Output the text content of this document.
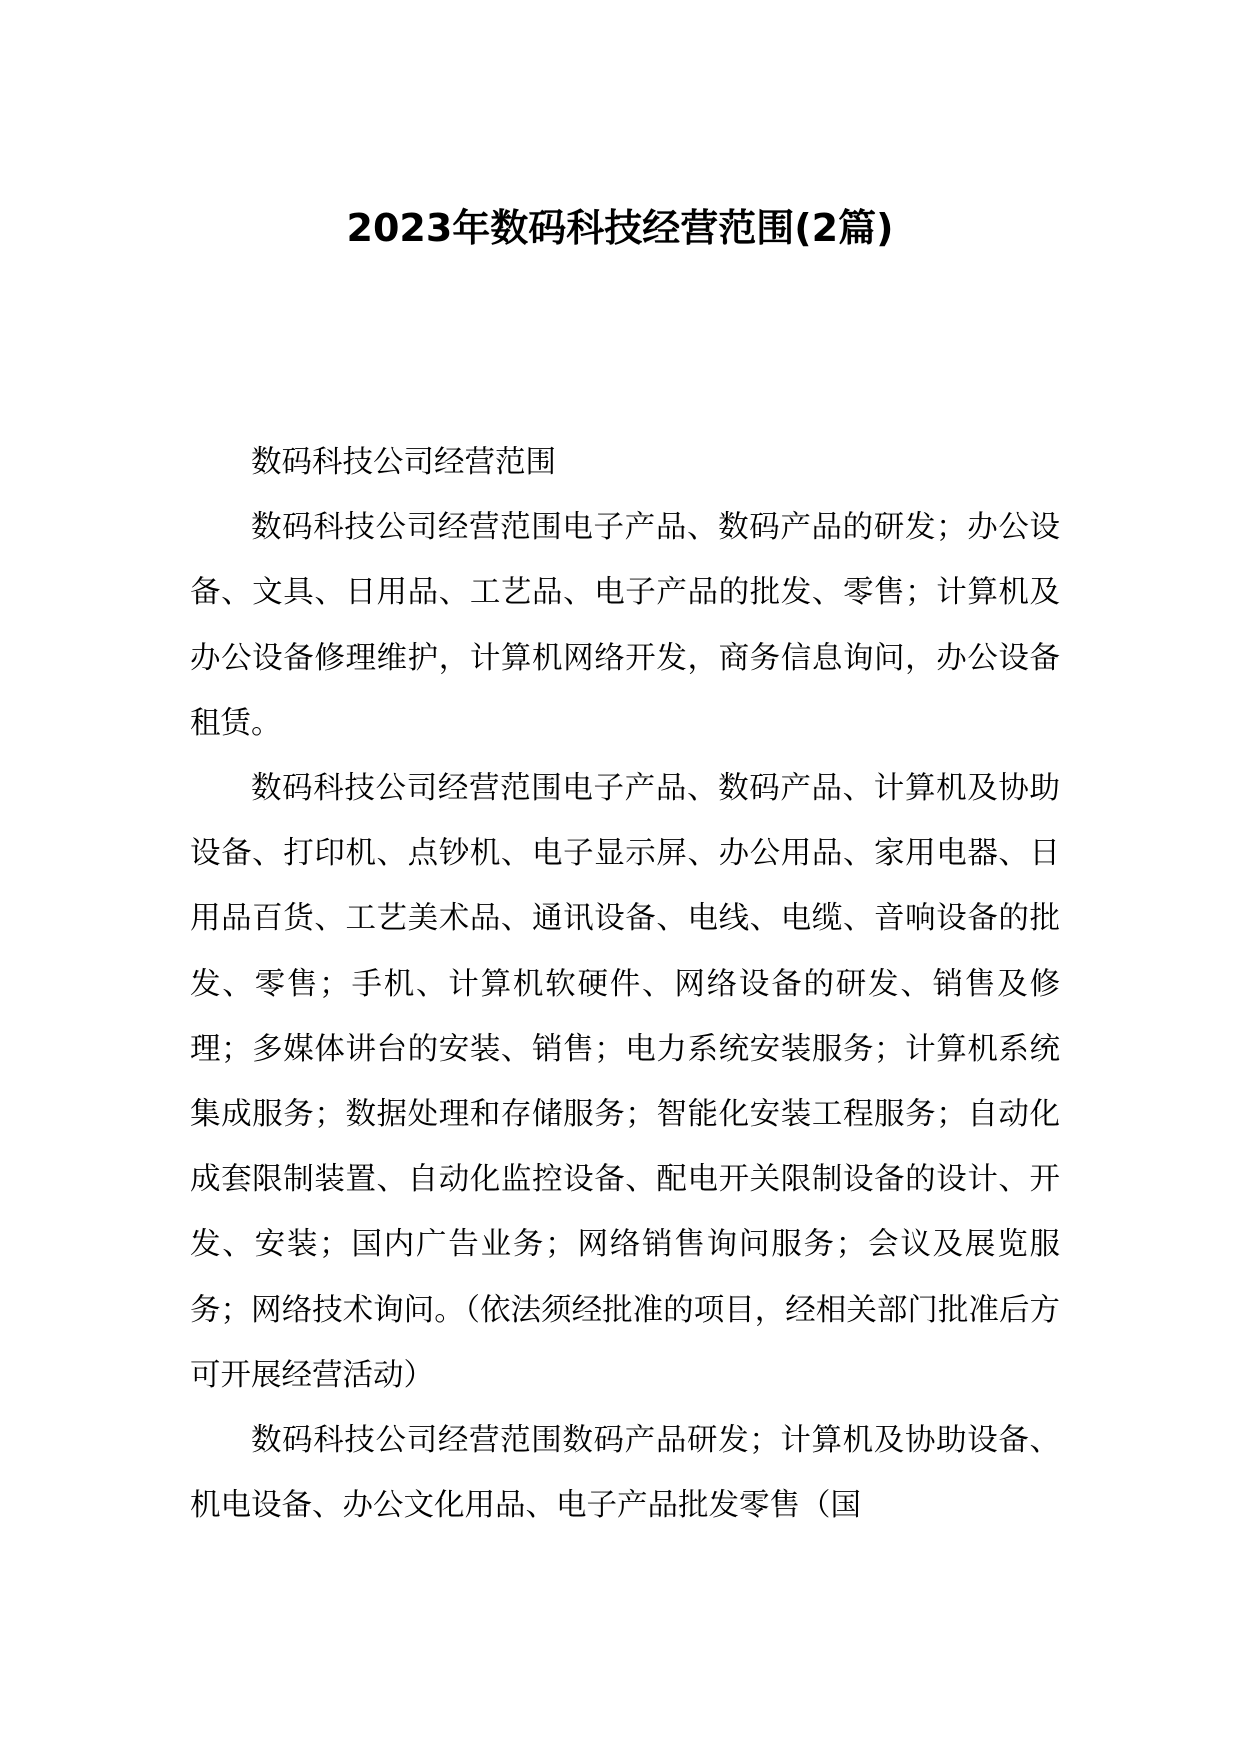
2023年数码科技经营范围(2篇)

数码科技公司经营范围

数码科技公司经营范围电子产品、数码产品的研发；办公设备、文具、日用品、工艺品、电子产品的批发、零售；计算机及办公设备修理维护，计算机网络开发，商务信息询问，办公设备租赁。

数码科技公司经营范围电子产品、数码产品、计算机及协助设备、打印机、点钞机、电子显示屏、办公用品、家用电器、日用品百货、工艺美术品、通讯设备、电线、电缆、音响设备的批发、零售；手机、计算机软硬件、网络设备的研发、销售及修理；多媒体讲台的安装、销售；电力系统安装服务；计算机系统集成服务；数据处理和存储服务；智能化安装工程服务；自动化成套限制装置、自动化监控设备、配电开关限制设备的设计、开发、安装；国内广告业务；网络销售询问服务；会议及展览服务；网络技术询问。（依法须经批准的项目，经相关部门批准后方可开展经营活动）

数码科技公司经营范围数码产品研发；计算机及协助设备、机电设备、办公文化用品、电子产品批发零售（国
